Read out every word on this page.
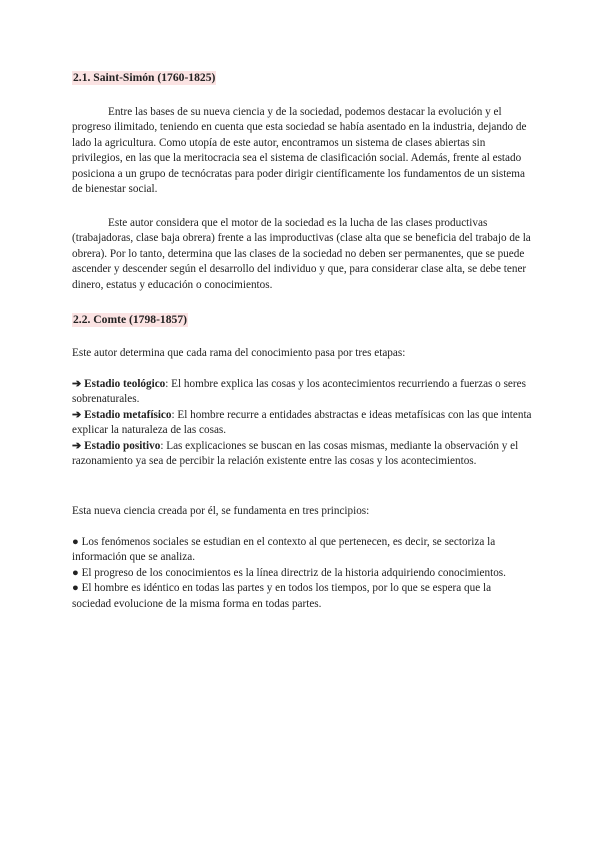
2.1. Saint-Simón (1760-1825)

Entre las bases de su nueva ciencia y de la sociedad, podemos destacar la evolución y el progreso ilimitado, teniendo en cuenta que esta sociedad se había asentado en la industria, dejando de lado la agricultura. Como utopía de este autor, encontramos un sistema de clases abiertas sin privilegios, en las que la meritocracia sea el sistema de clasificación social. Además, frente al estado posiciona a un grupo de tecnócratas para poder dirigir científicamente los fundamentos de un sistema de bienestar social.

Este autor considera que el motor de la sociedad es la lucha de las clases productivas (trabajadoras, clase baja obrera) frente a las improductivas (clase alta que se beneficia del trabajo de la obrera). Por lo tanto, determina que las clases de la sociedad no deben ser permanentes, que se puede ascender y descender según el desarrollo del individuo y que, para considerar clase alta, se debe tener dinero, estatus y educación o conocimientos.

2.2. Comte (1798-1857)

Este autor determina que cada rama del conocimiento pasa por tres etapas:

➔ Estadio teológico: El hombre explica las cosas y los acontecimientos recurriendo a fuerzas o seres sobrenaturales.

➔ Estadio metafísico: El hombre recurre a entidades abstractas e ideas metafísicas con las que intenta explicar la naturaleza de las cosas.

➔ Estadio positivo: Las explicaciones se buscan en las cosas mismas, mediante la observación y el razonamiento ya sea de percibir la relación existente entre las cosas y los acontecimientos.

Esta nueva ciencia creada por él, se fundamenta en tres principios:

● Los fenómenos sociales se estudian en el contexto al que pertenecen, es decir, se sectoriza la información que se analiza.

● El progreso de los conocimientos es la línea directriz de la historia adquiriendo conocimientos.

● El hombre es idéntico en todas las partes y en todos los tiempos, por lo que se espera que la sociedad evolucione de la misma forma en todas partes.
